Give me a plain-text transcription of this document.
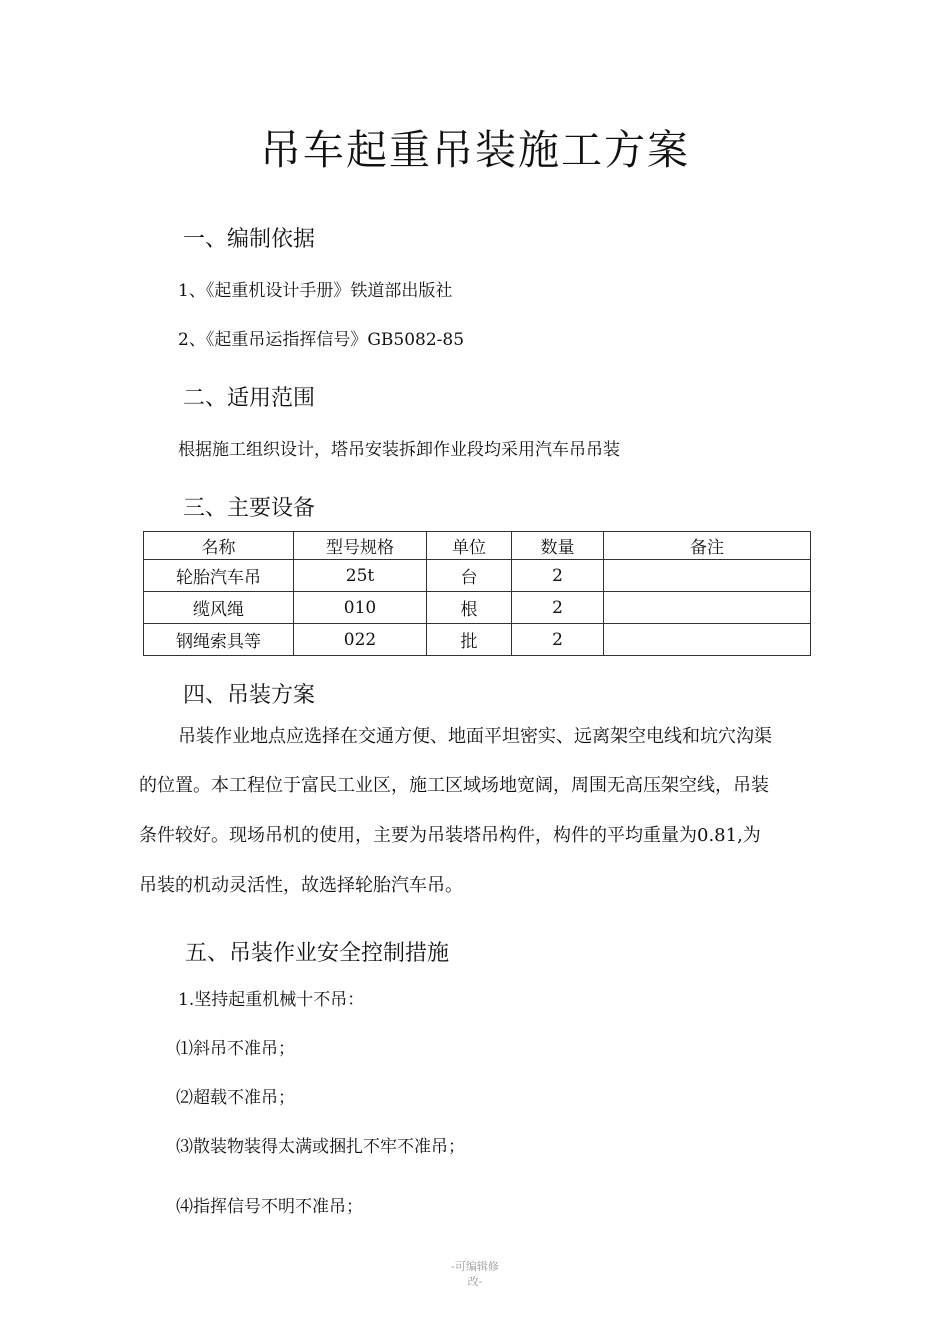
吊车起重吊装施工方案
一、编制依据
1、《起重机设计手册》铁道部出版社
2、《起重吊运指挥信号》GB5082-85
二、适用范围
根据施工组织设计，塔吊安装拆卸作业段均采用汽车吊吊装
三、主要设备
名称	型号规格	单位	数量	备注
轮胎汽车吊	25t	台	2	
缆风绳	010	根	2	
钢绳索具等	022	批	2	
四、吊装方案
吊装作业地点应选择在交通方便、地面平坦密实、远离架空电线和坑穴沟渠
的位置。本工程位于富民工业区，施工区域场地宽阔，周围无高压架空线，吊装
条件较好。现场吊机的使用，主要为吊装塔吊构件，构件的平均重量为0.81,为
吊装的机动灵活性，故选择轮胎汽车吊。
五、吊装作业安全控制措施
1.坚持起重机械十不吊：
⑴斜吊不准吊；
⑵超载不准吊；
⑶散装物装得太满或捆扎不牢不准吊；
⑷指挥信号不明不准吊；
-可编辑修
改-
